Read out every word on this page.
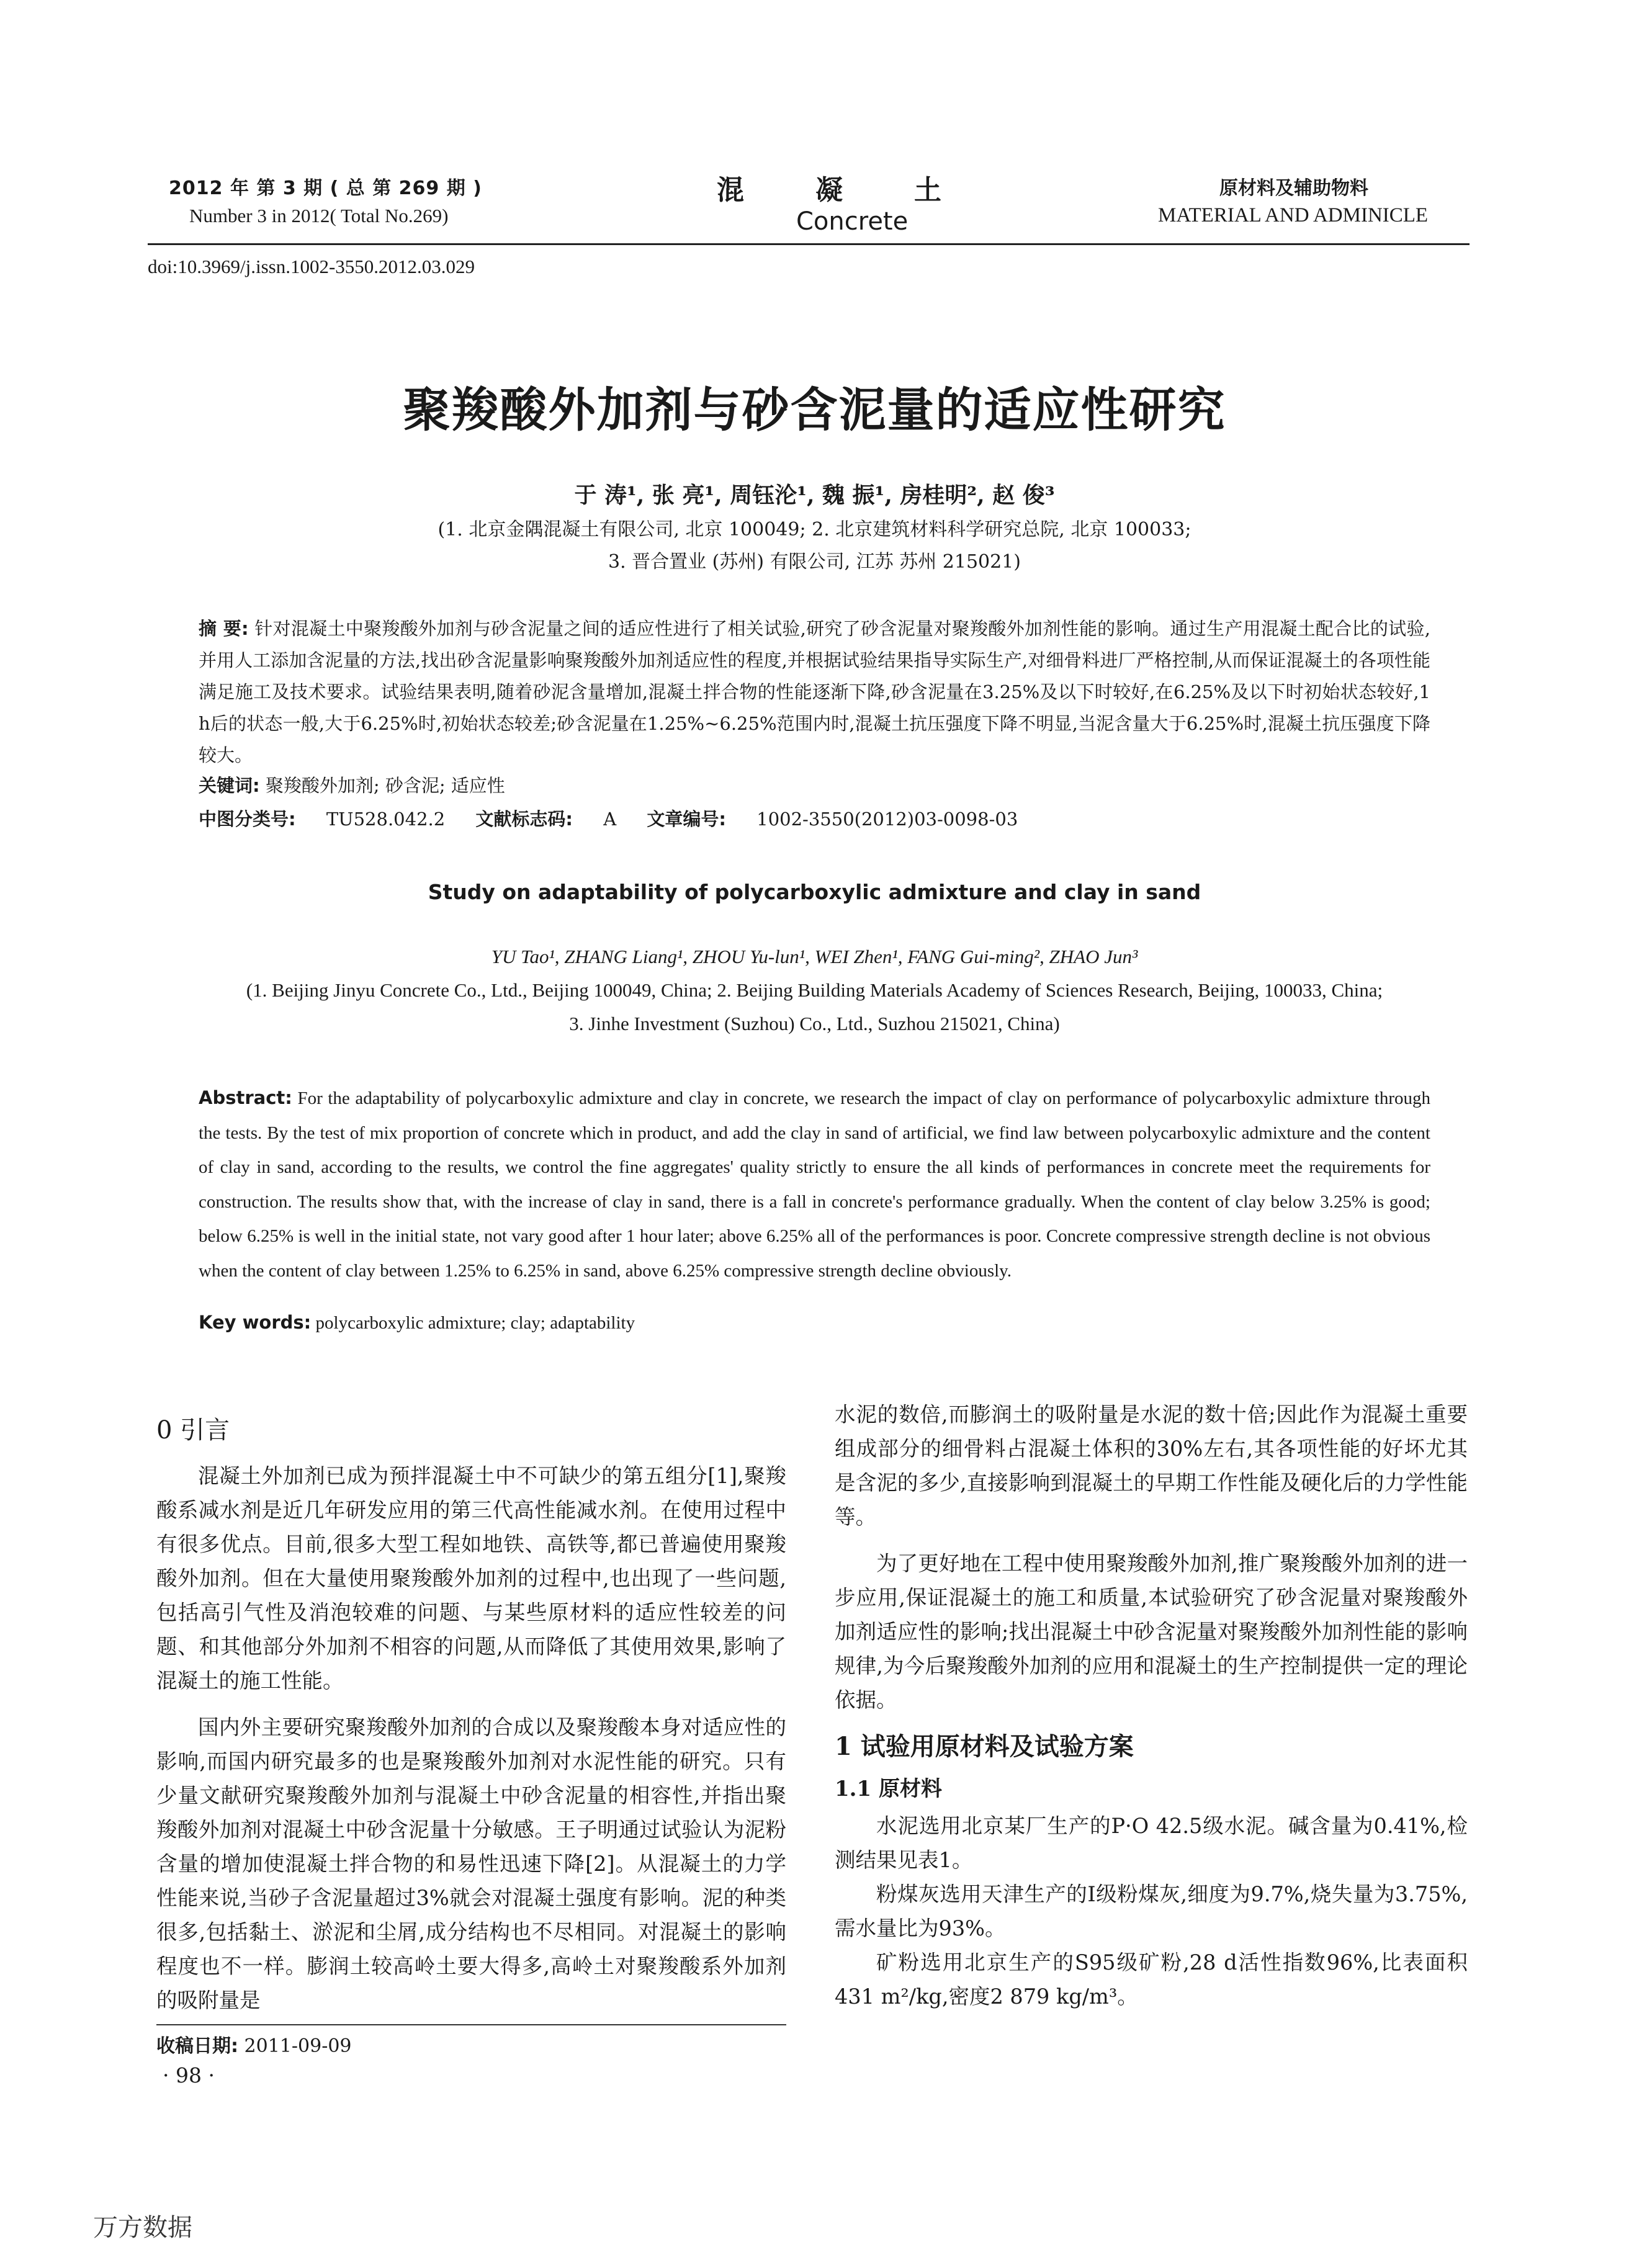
2012 年 第 3 期 ( 总 第 269 期 )
Number 3 in 2012( Total No.269)
混凝土
Concrete
原材料及辅助物料
MATERIAL AND ADMINICLE
doi:10.3969/j.issn.1002-3550.2012.03.029
聚羧酸外加剂与砂含泥量的适应性研究
于 涛¹, 张 亮¹, 周钰沦¹, 魏 振¹, 房桂明², 赵 俊³
(1. 北京金隅混凝土有限公司, 北京 100049; 2. 北京建筑材料科学研究总院, 北京 100033;
3. 晋合置业 (苏州) 有限公司, 江苏 苏州 215021)
摘 要: 针对混凝土中聚羧酸外加剂与砂含泥量之间的适应性进行了相关试验,研究了砂含泥量对聚羧酸外加剂性能的影响。通过生产用混凝土配合比的试验,并用人工添加含泥量的方法,找出砂含泥量影响聚羧酸外加剂适应性的程度,并根据试验结果指导实际生产,对细骨料进厂严格控制,从而保证混凝土的各项性能满足施工及技术要求。试验结果表明,随着砂泥含量增加,混凝土拌合物的性能逐渐下降,砂含泥量在3.25%及以下时较好,在6.25%及以下时初始状态较好,1 h后的状态一般,大于6.25%时,初始状态较差;砂含泥量在1.25%~6.25%范围内时,混凝土抗压强度下降不明显,当泥含量大于6.25%时,混凝土抗压强度下降较大。
关键词: 聚羧酸外加剂; 砂含泥; 适应性
中图分类号: TU528.042.2 文献标志码: A 文章编号: 1002-3550(2012)03-0098-03
Study on adaptability of polycarboxylic admixture and clay in sand
YU Tao¹, ZHANG Liang¹, ZHOU Yu-lun¹, WEI Zhen¹, FANG Gui-ming², ZHAO Jun³
(1. Beijing Jinyu Concrete Co., Ltd., Beijing 100049, China; 2. Beijing Building Materials Academy of Sciences Research, Beijing, 100033, China;
3. Jinhe Investment (Suzhou) Co., Ltd., Suzhou 215021, China)
Abstract: For the adaptability of polycarboxylic admixture and clay in concrete, we research the impact of clay on performance of polycarboxylic admixture through the tests. By the test of mix proportion of concrete which in product, and add the clay in sand of artificial, we find law between polycarboxylic admixture and the content of clay in sand, according to the results, we control the fine aggregates' quality strictly to ensure the all kinds of performances in concrete meet the requirements for construction. The results show that, with the increase of clay in sand, there is a fall in concrete's performance gradually. When the content of clay below 3.25% is good; below 6.25% is well in the initial state, not vary good after 1 hour later; above 6.25% all of the performances is poor. Concrete compressive strength decline is not obvious when the content of clay between 1.25% to 6.25% in sand, above 6.25% compressive strength decline obviously.
Key words: polycarboxylic admixture; clay; adaptability
0 引言

混凝土外加剂已成为预拌混凝土中不可缺少的第五组分[1],聚羧酸系减水剂是近几年研发应用的第三代高性能减水剂。在使用过程中有很多优点。目前,很多大型工程如地铁、高铁等,都已普遍使用聚羧酸外加剂。但在大量使用聚羧酸外加剂的过程中,也出现了一些问题,包括高引气性及消泡较难的问题、与某些原材料的适应性较差的问题、和其他部分外加剂不相容的问题,从而降低了其使用效果,影响了混凝土的施工性能。

国内外主要研究聚羧酸外加剂的合成以及聚羧酸本身对适应性的影响,而国内研究最多的也是聚羧酸外加剂对水泥性能的研究。只有少量文献研究聚羧酸外加剂与混凝土中砂含泥量的相容性,并指出聚羧酸外加剂对混凝土中砂含泥量十分敏感。王子明通过试验认为泥粉含量的增加使混凝土拌合物的和易性迅速下降[2]。从混凝土的力学性能来说,当砂子含泥量超过3%就会对混凝土强度有影响。泥的种类很多,包括黏土、淤泥和尘屑,成分结构也不尽相同。对混凝土的影响程度也不一样。膨润土较高岭土要大得多,高岭土对聚羧酸系外加剂的吸附量是

水泥的数倍,而膨润土的吸附量是水泥的数十倍;因此作为混凝土重要组成部分的细骨料占混凝土体积的30%左右,其各项性能的好坏尤其是含泥的多少,直接影响到混凝土的早期工作性能及硬化后的力学性能等。

为了更好地在工程中使用聚羧酸外加剂,推广聚羧酸外加剂的进一步应用,保证混凝土的施工和质量,本试验研究了砂含泥量对聚羧酸外加剂适应性的影响;找出混凝土中砂含泥量对聚羧酸外加剂性能的影响规律,为今后聚羧酸外加剂的应用和混凝土的生产控制提供一定的理论依据。

1 试验用原材料及试验方案
1.1 原材料

水泥选用北京某厂生产的P·O 42.5级水泥。碱含量为0.41%,检测结果见表1。

粉煤灰选用天津生产的Ⅰ级粉煤灰,细度为9.7%,烧失量为3.75%,需水量比为93%。

矿粉选用北京生产的S95级矿粉,28 d活性指数96%,比表面积431 m²/kg,密度2 879 kg/m³。

收稿日期: 2011-09-09
· 98 ·
万方数据
